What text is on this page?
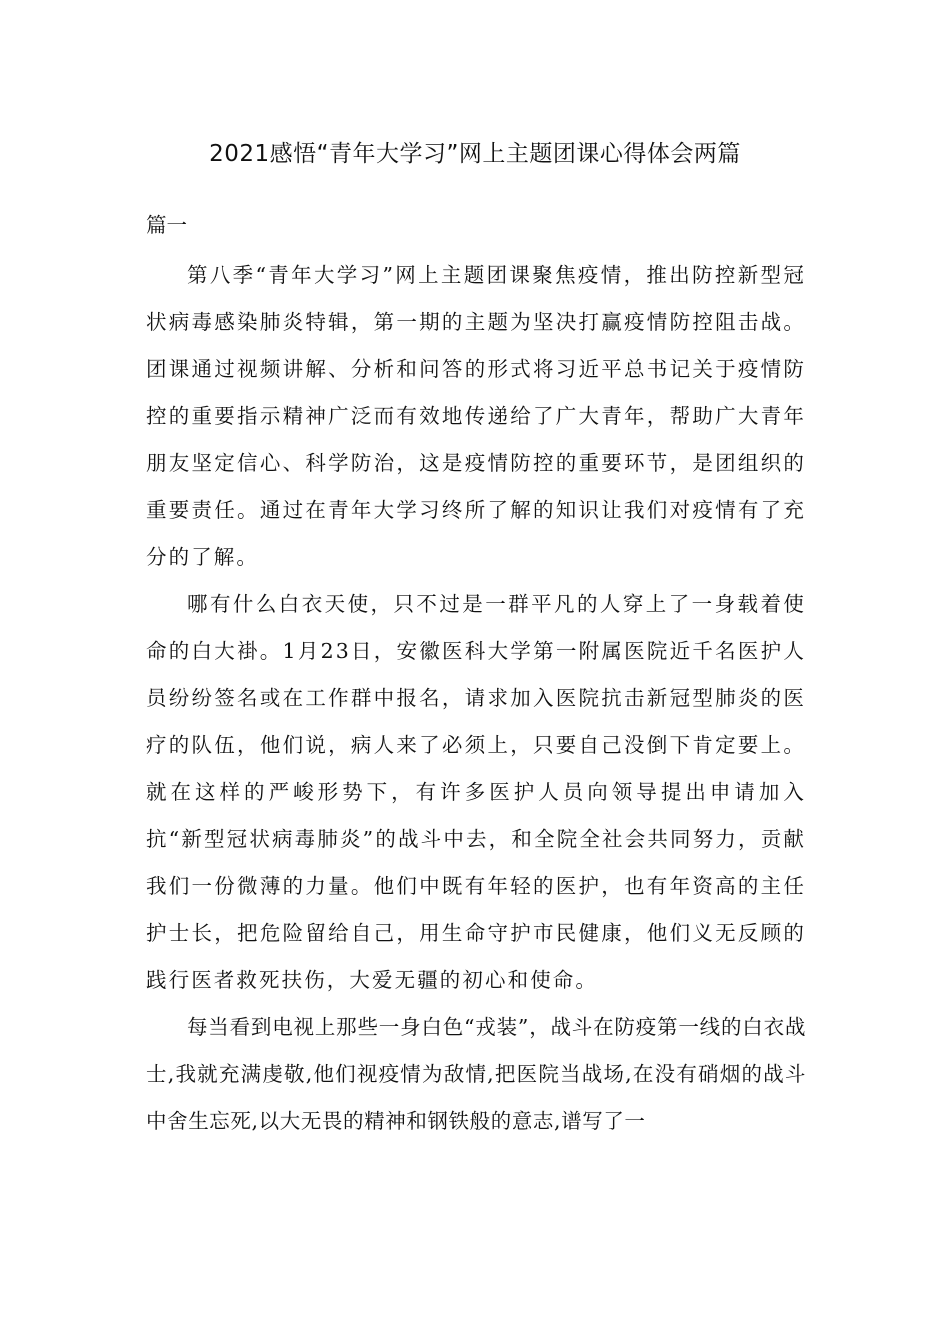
2021感悟“青年大学习”网上主题团课心得体会两篇
篇一

第八季“青年大学习”网上主题团课聚焦疫情，推出防控新型冠状病毒感染肺炎特辑，第一期的主题为坚决打赢疫情防控阻击战。团课通过视频讲解、分析和问答的形式将习近平总书记关于疫情防控的重要指示精神广泛而有效地传递给了广大青年，帮助广大青年朋友坚定信心、科学防治，这是疫情防控的重要环节，是团组织的重要责任。通过在青年大学习终所了解的知识让我们对疫情有了充分的了解。

哪有什么白衣天使，只不过是一群平凡的人穿上了一身载着使命的白大褂。1月23日，安徽医科大学第一附属医院近千名医护人员纷纷签名或在工作群中报名，请求加入医院抗击新冠型肺炎的医疗的队伍，他们说，病人来了必须上，只要自己没倒下肯定要上。就在这样的严峻形势下，有许多医护人员向领导提出申请加入抗“新型冠状病毒肺炎”的战斗中去，和全院全社会共同努力，贡献我们一份微薄的力量。他们中既有年轻的医护，也有年资高的主任护士长，把危险留给自己，用生命守护市民健康，他们义无反顾的践行医者救死扶伤，大爱无疆的初心和使命。

每当看到电视上那些一身白色“戎装”，战斗在防疫第一线的白衣战士,我就充满虔敬,他们视疫情为敌情,把医院当战场,在没有硝烟的战斗中舍生忘死,以大无畏的精神和钢铁般的意志,谱写了一
